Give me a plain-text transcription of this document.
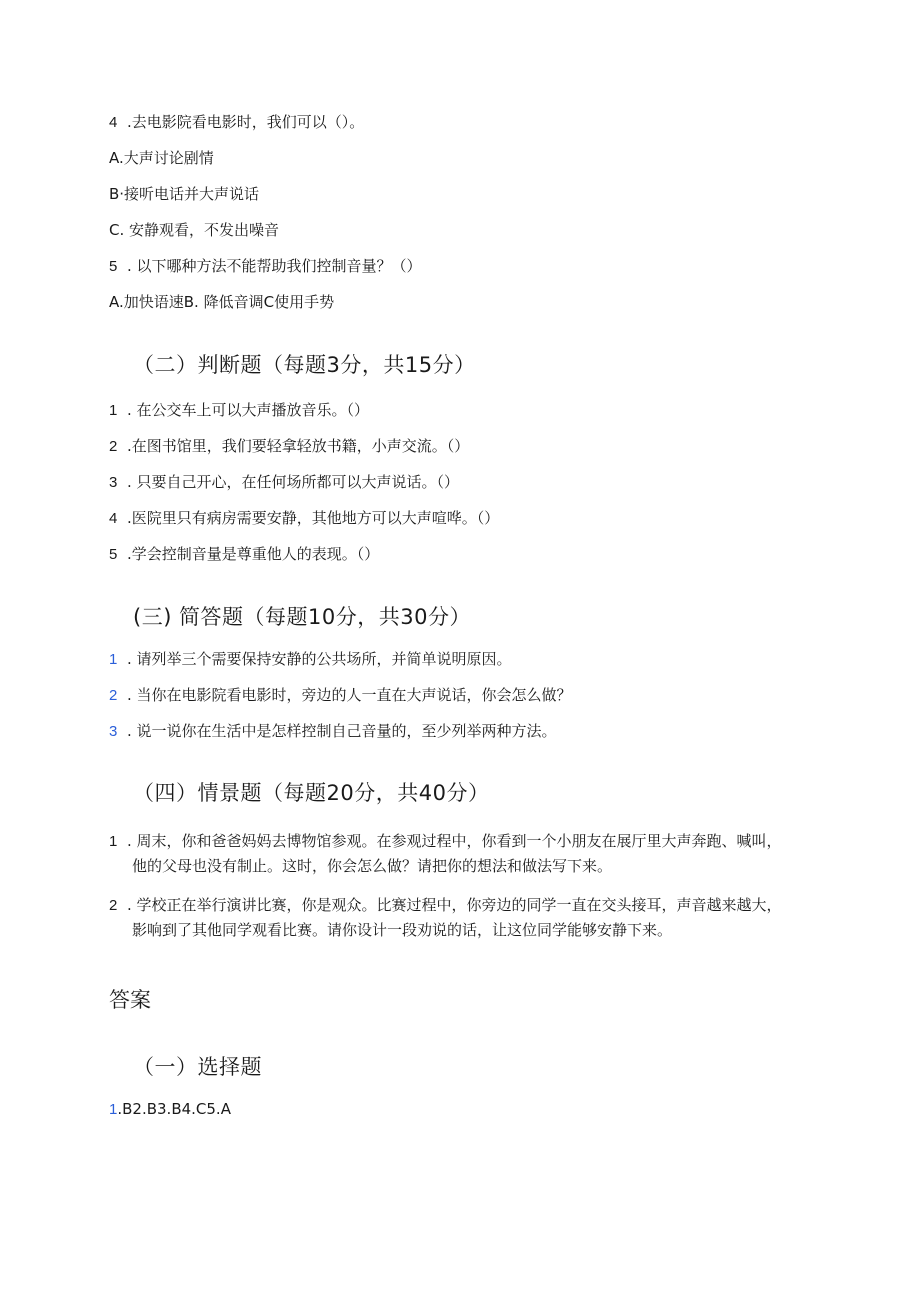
4 .去电影院看电影时，我们可以（）。
A.大声讨论剧情
B·接听电话并大声说话
C. 安静观看，不发出噪音
5 . 以下哪种方法不能帮助我们控制音量？（）
A.加快语速B. 降低音调C使用手势
（二）判断题（每题3分，共15分）
1 . 在公交车上可以大声播放音乐。（）
2 .在图书馆里，我们要轻拿轻放书籍，小声交流。（）
3 . 只要自己开心，在任何场所都可以大声说话。（）
4 .医院里只有病房需要安静，其他地方可以大声喧哗。（）
5 .学会控制音量是尊重他人的表现。（）
(三) 简答题（每题10分，共30分）
1 . 请列举三个需要保持安静的公共场所，并简单说明原因。
2 . 当你在电影院看电影时，旁边的人一直在大声说话，你会怎么做？
3 . 说一说你在生活中是怎样控制自己音量的，至少列举两种方法。
（四）情景题（每题20分，共40分）
1 . 周末，你和爸爸妈妈去博物馆参观。在参观过程中，你看到一个小朋友在展厅里大声奔跑、喊叫，
他的父母也没有制止。这时，你会怎么做？请把你的想法和做法写下来。
2 . 学校正在举行演讲比赛，你是观众。比赛过程中，你旁边的同学一直在交头接耳，声音越来越大，
影响到了其他同学观看比赛。请你设计一段劝说的话，让这位同学能够安静下来。
答案
（一）选择题
1.B2.B3.B4.C5.A
